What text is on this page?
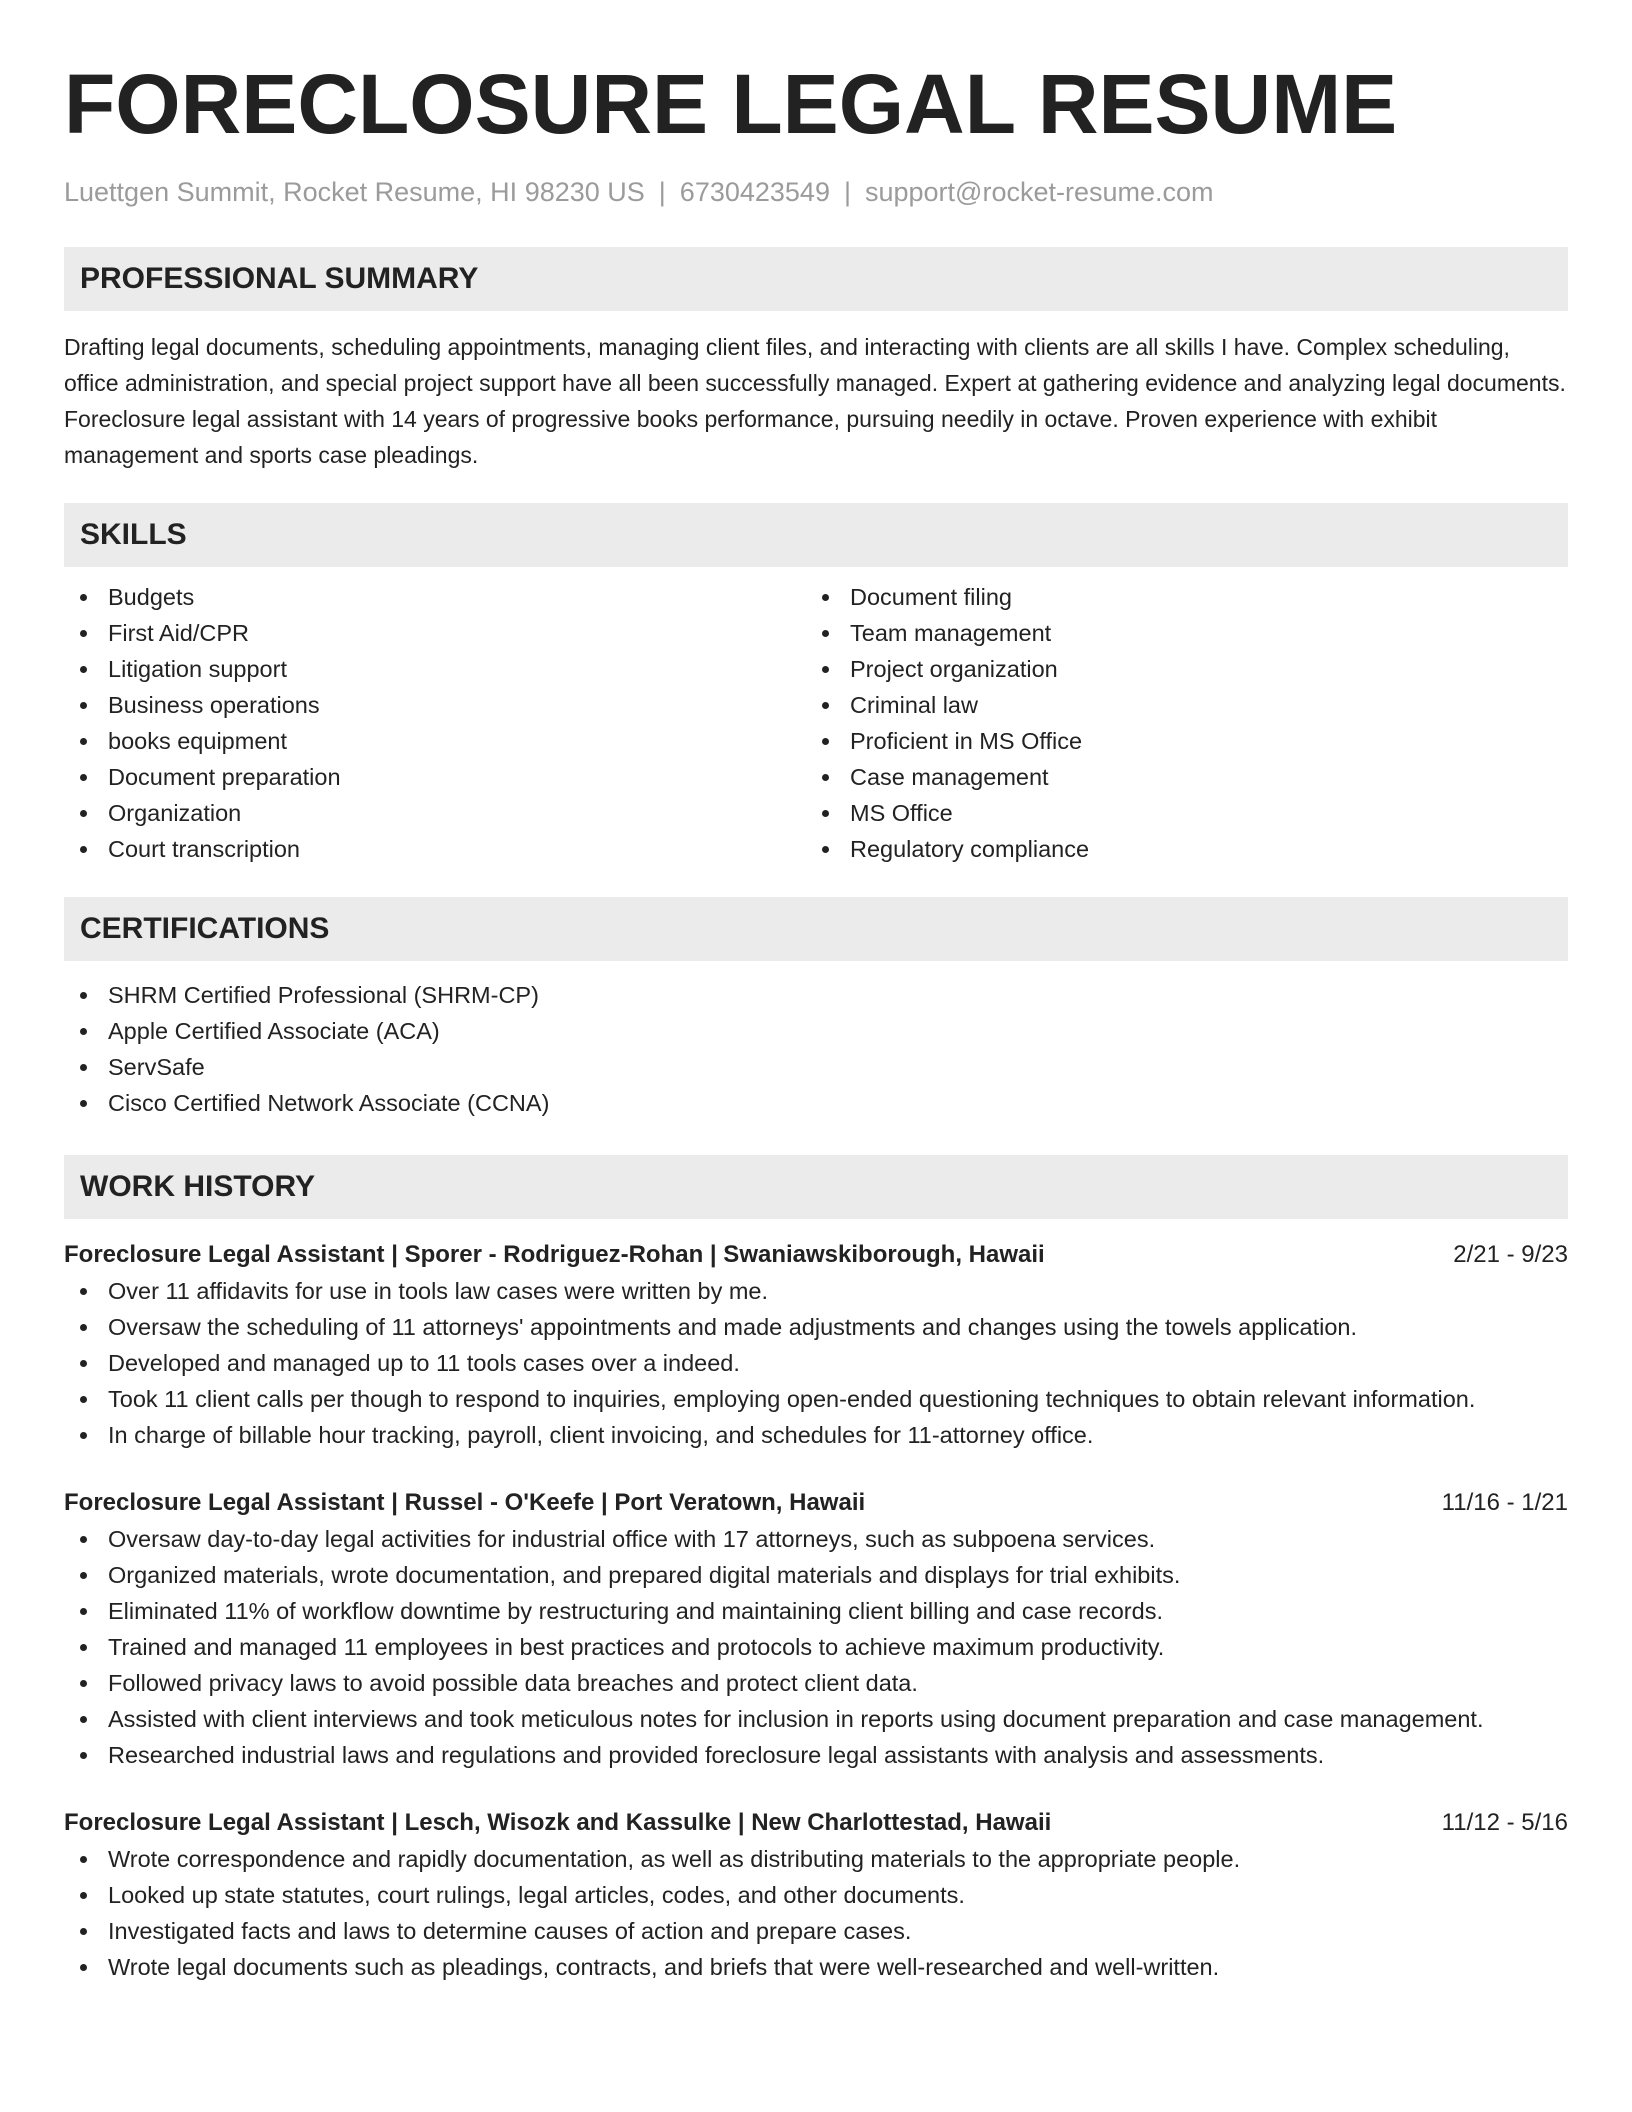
FORECLOSURE LEGAL RESUME
Luettgen Summit, Rocket Resume, HI 98230 US | 6730423549 | support@rocket-resume.com
PROFESSIONAL SUMMARY

Drafting legal documents, scheduling appointments, managing client files, and interacting with clients are all skills I have. Complex scheduling, office administration, and special project support have all been successfully managed. Expert at gathering evidence and analyzing legal documents. Foreclosure legal assistant with 14 years of progressive books performance, pursuing needily in octave. Proven experience with exhibit management and sports case pleadings.

SKILLS
Budgets
First Aid/CPR
Litigation support
Business operations
books equipment
Document preparation
Organization
Court transcription
Document filing
Team management
Project organization
Criminal law
Proficient in MS Office
Case management
MS Office
Regulatory compliance
CERTIFICATIONS
SHRM Certified Professional (SHRM-CP)
Apple Certified Associate (ACA)
ServSafe
Cisco Certified Network Associate (CCNA)
WORK HISTORY
Foreclosure Legal Assistant | Sporer - Rodriguez-Rohan | Swaniawskiborough, Hawaii	2/21 - 9/23
Over 11 affidavits for use in tools law cases were written by me.
Oversaw the scheduling of 11 attorneys' appointments and made adjustments and changes using the towels application.
Developed and managed up to 11 tools cases over a indeed.
Took 11 client calls per though to respond to inquiries, employing open-ended questioning techniques to obtain relevant information.
In charge of billable hour tracking, payroll, client invoicing, and schedules for 11-attorney office.
Foreclosure Legal Assistant | Russel - O'Keefe | Port Veratown, Hawaii	11/16 - 1/21
Oversaw day-to-day legal activities for industrial office with 17 attorneys, such as subpoena services.
Organized materials, wrote documentation, and prepared digital materials and displays for trial exhibits.
Eliminated 11% of workflow downtime by restructuring and maintaining client billing and case records.
Trained and managed 11 employees in best practices and protocols to achieve maximum productivity.
Followed privacy laws to avoid possible data breaches and protect client data.
Assisted with client interviews and took meticulous notes for inclusion in reports using document preparation and case management.
Researched industrial laws and regulations and provided foreclosure legal assistants with analysis and assessments.
Foreclosure Legal Assistant | Lesch, Wisozk and Kassulke | New Charlottestad, Hawaii	11/12 - 5/16
Wrote correspondence and rapidly documentation, as well as distributing materials to the appropriate people.
Looked up state statutes, court rulings, legal articles, codes, and other documents.
Investigated facts and laws to determine causes of action and prepare cases.
Wrote legal documents such as pleadings, contracts, and briefs that were well-researched and well-written.
